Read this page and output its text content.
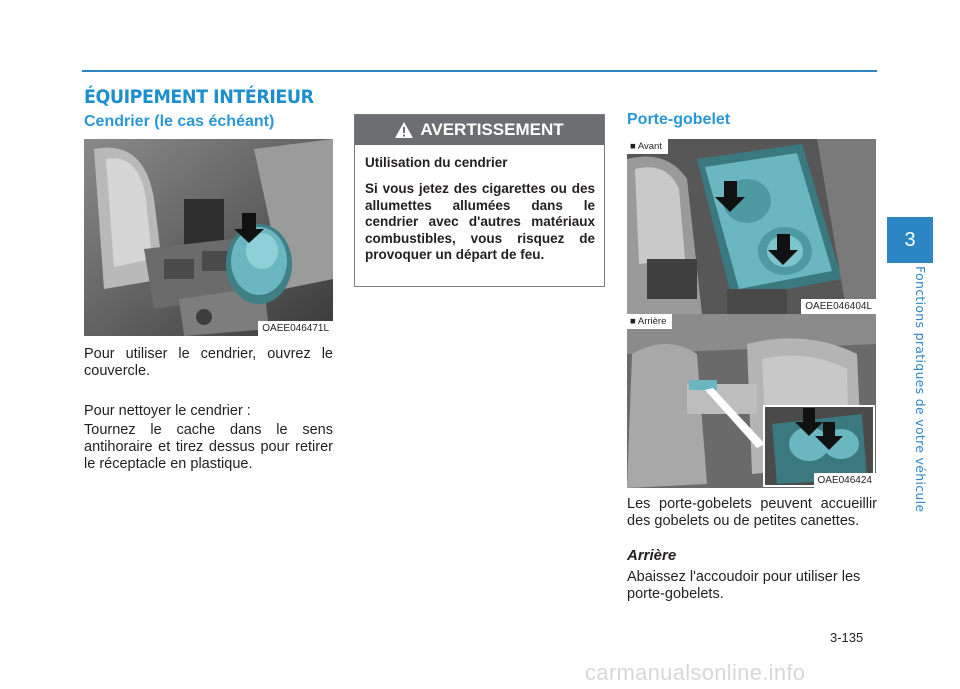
ÉQUIPEMENT INTÉRIEUR
Cendrier (le cas échéant)
OAEE046471L

Pour utiliser le cendrier, ouvrez le couvercle.

Pour nettoyer le cendrier :

Tournez le cache dans le sens antihoraire et tirez dessus pour retirer le réceptacle en plastique.

AVERTISSEMENT
Utilisation du cendrier

Si vous jetez des cigarettes ou des allumettes allumées dans le cendrier avec d'autres matériaux combustibles, vous risquez de provoquer un départ de feu.

Porte-gobelet
■ Avant
OAEE046404L
■ Arrière
OAE046424

Les porte-gobelets peuvent accueillir des gobelets ou de petites canettes.

Arrière

Abaissez l'accoudoir pour utiliser les porte-gobelets.

3
Fonctions pratiques de votre véhicule
3-135
carmanualsonline.info
